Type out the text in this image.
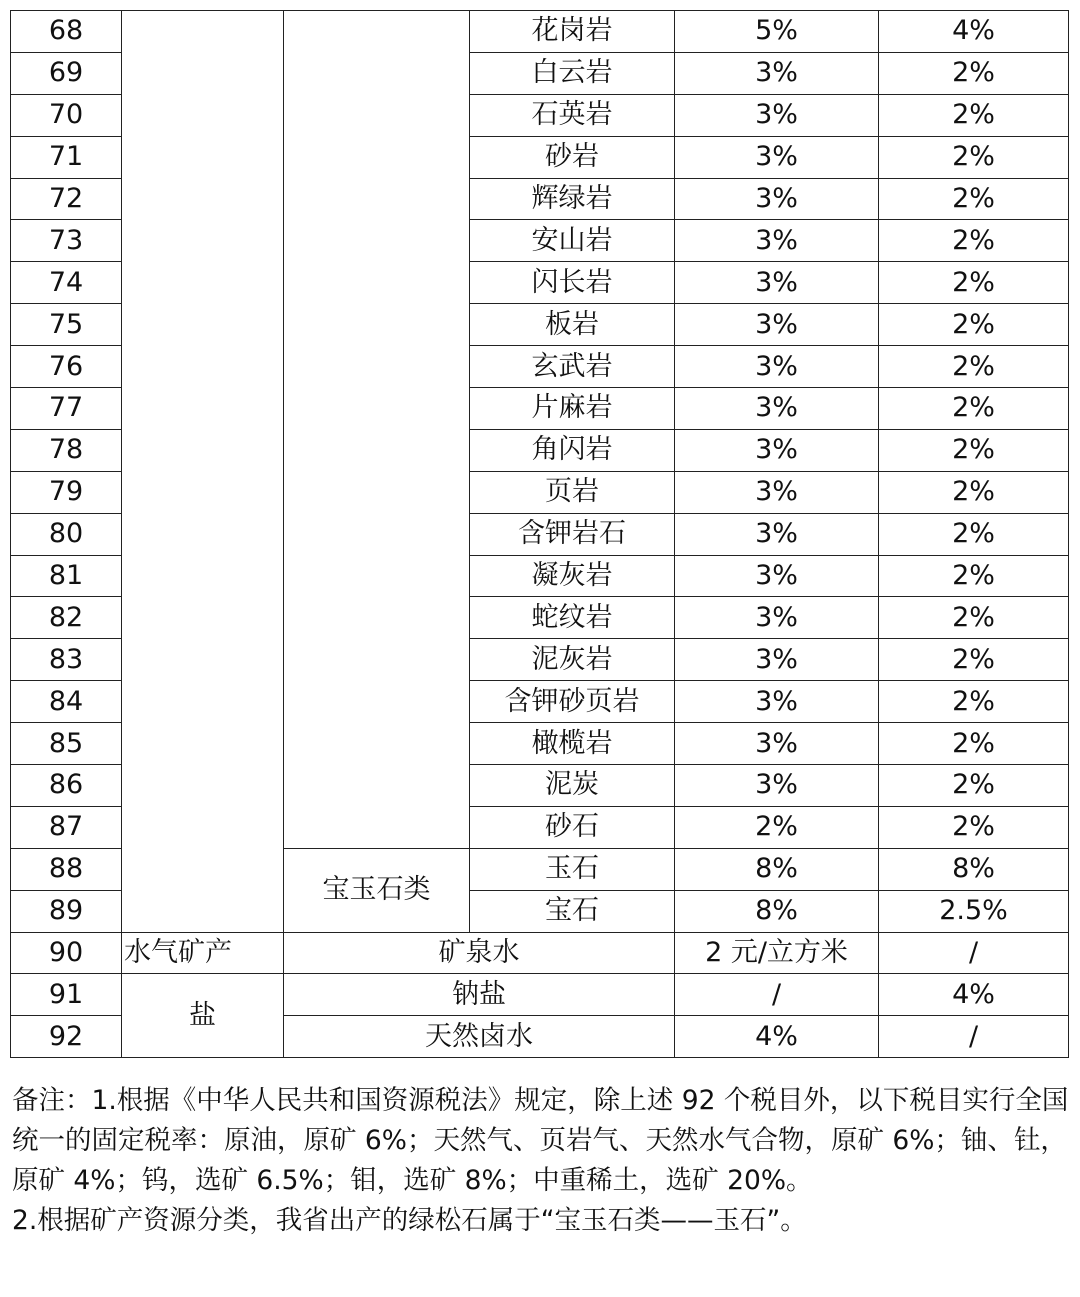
68			花岗岩	5%	4%
69			白云岩	3%	2%
70			石英岩	3%	2%
71			砂岩	3%	2%
72			辉绿岩	3%	2%
73			安山岩	3%	2%
74			闪长岩	3%	2%
75			板岩	3%	2%
76			玄武岩	3%	2%
77			片麻岩	3%	2%
78			角闪岩	3%	2%
79			页岩	3%	2%
80			含钾岩石	3%	2%
81			凝灰岩	3%	2%
82			蛇纹岩	3%	2%
83			泥灰岩	3%	2%
84			含钾砂页岩	3%	2%
85			橄榄岩	3%	2%
86			泥炭	3%	2%
87			砂石	2%	2%
88		宝玉石类	玉石	8%	8%
89			宝石	8%	2.5%
90	水气矿产	矿泉水		2 元/立方米	/
91	盐	钠盐		/	4%
92		天然卤水		4%	/

备注：1.根据《中华人民共和国资源税法》规定，除上述 92 个税目外，以下税目实行全国统一的固定税率：原油，原矿 6%；天然气、页岩气、天然水气合物，原矿 6%；铀、钍，原矿 4%；钨，选矿 6.5%；钼，选矿 8%；中重稀土，选矿 20%。

2.根据矿产资源分类，我省出产的绿松石属于“宝玉石类——玉石”。
